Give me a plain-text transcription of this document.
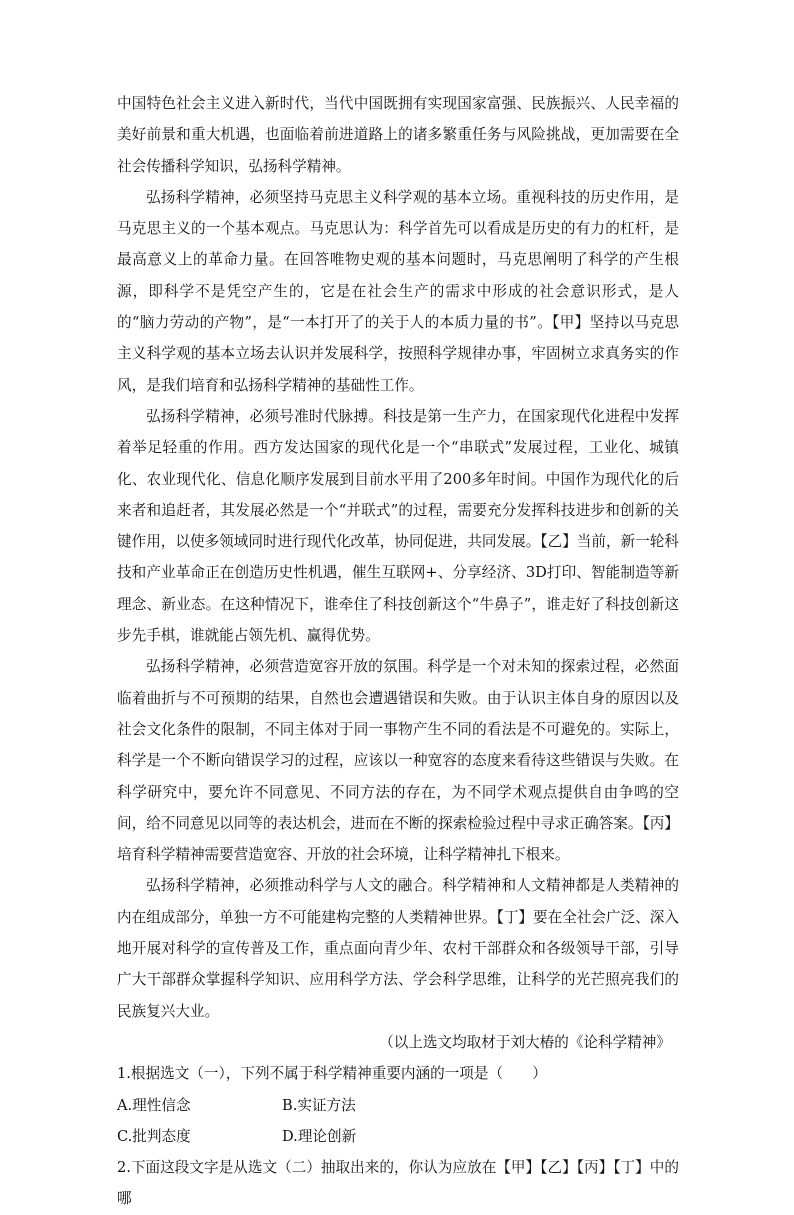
中国特色社会主义进入新时代，当代中国既拥有实现国家富强、民族振兴、人民幸福的美好前景和重大机遇，也面临着前进道路上的诸多繁重任务与风险挑战，更加需要在全社会传播科学知识，弘扬科学精神。

弘扬科学精神，必须坚持马克思主义科学观的基本立场。重视科技的历史作用，是马克思主义的一个基本观点。马克思认为：科学首先可以看成是历史的有力的杠杆，是最高意义上的革命力量。在回答唯物史观的基本问题时，马克思阐明了科学的产生根源，即科学不是凭空产生的，它是在社会生产的需求中形成的社会意识形式，是人的“脑力劳动的产物”，是“一本打开了的关于人的本质力量的书”。【甲】坚持以马克思主义科学观的基本立场去认识并发展科学，按照科学规律办事，牢固树立求真务实的作风，是我们培育和弘扬科学精神的基础性工作。

弘扬科学精神，必须号准时代脉搏。科技是第一生产力，在国家现代化进程中发挥着举足轻重的作用。西方发达国家的现代化是一个“串联式”发展过程，工业化、城镇化、农业现代化、信息化顺序发展到目前水平用了200多年时间。中国作为现代化的后来者和追赶者，其发展必然是一个“并联式”的过程，需要充分发挥科技进步和创新的关键作用，以使多领域同时进行现代化改革，协同促进，共同发展。【乙】当前，新一轮科技和产业革命正在创造历史性机遇，催生互联网+、分享经济、3D打印、智能制造等新理念、新业态。在这种情况下，谁牵住了科技创新这个“牛鼻子”，谁走好了科技创新这步先手棋，谁就能占领先机、赢得优势。

弘扬科学精神，必须营造宽容开放的氛围。科学是一个对未知的探索过程，必然面临着曲折与不可预期的结果，自然也会遭遇错误和失败。由于认识主体自身的原因以及社会文化条件的限制，不同主体对于同一事物产生不同的看法是不可避免的。实际上，科学是一个不断向错误学习的过程，应该以一种宽容的态度来看待这些错误与失败。在科学研究中，要允许不同意见、不同方法的存在，为不同学术观点提供自由争鸣的空间，给不同意见以同等的表达机会，进而在不断的探索检验过程中寻求正确答案。【丙】培育科学精神需要营造宽容、开放的社会环境，让科学精神扎下根来。

弘扬科学精神，必须推动科学与人文的融合。科学精神和人文精神都是人类精神的内在组成部分，单独一方不可能建构完整的人类精神世界。【丁】要在全社会广泛、深入地开展对科学的宣传普及工作，重点面向青少年、农村干部群众和各级领导干部，引导广大干部群众掌握科学知识、应用科学方法、学会科学思维，让科学的光芒照亮我们的民族复兴大业。

（以上选文均取材于刘大椿的《论科学精神》

1.根据选文（一），下列不属于科学精神重要内涵的一项是（　　）

A.理性信念	B.实证方法

C.批判态度	D.理论创新

2.下面这段文字是从选文（二）抽取出来的，你认为应放在【甲】【乙】【丙】【丁】中的哪
